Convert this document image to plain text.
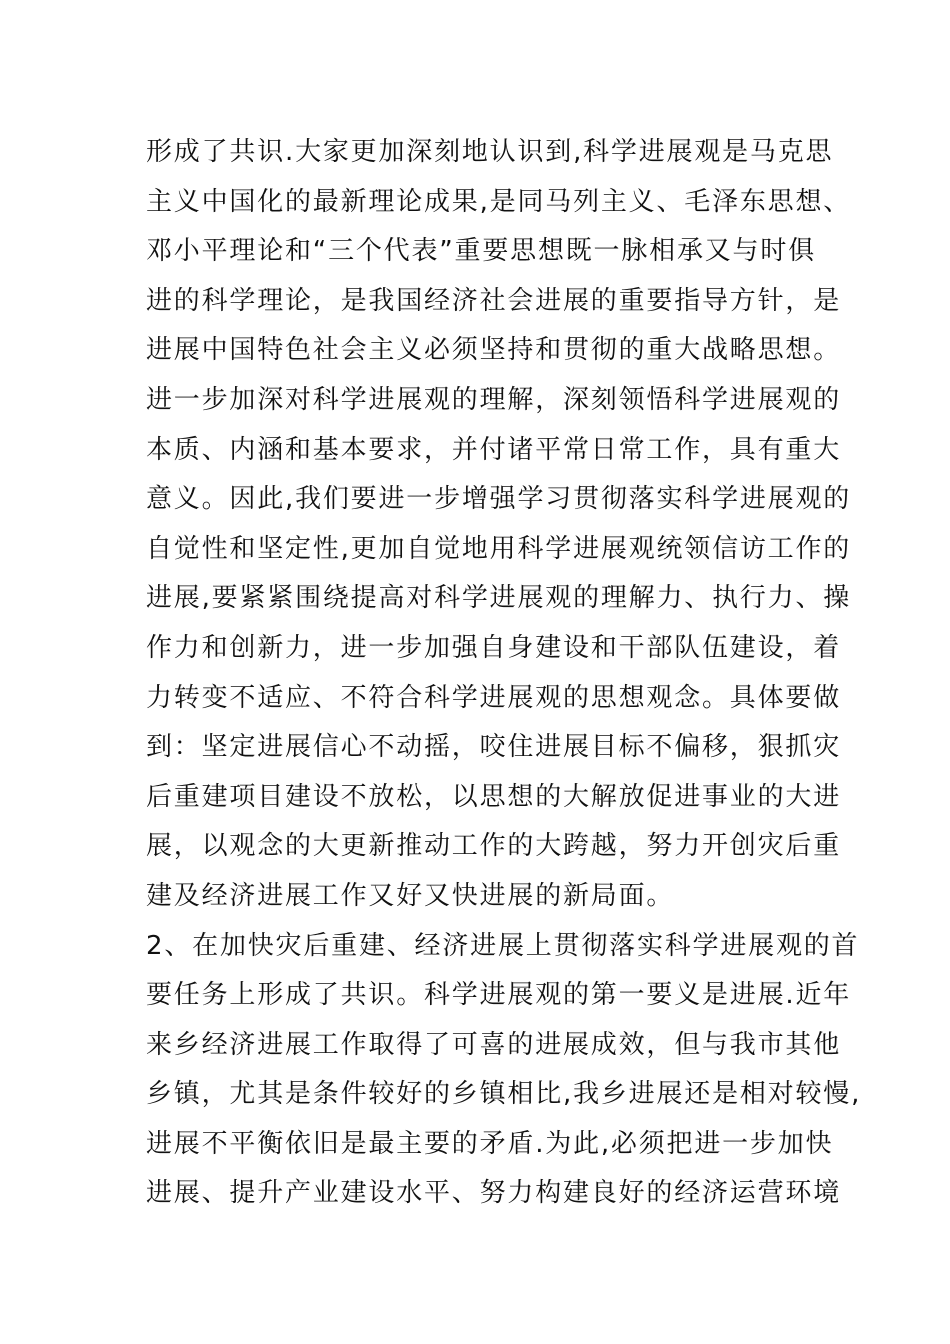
形成了共识.大家更加深刻地认识到,科学进展观是马克思
主义中国化的最新理论成果,是同马列主义、毛泽东思想、
邓小平理论和“三个代表”重要思想既一脉相承又与时俱
进的科学理论，是我国经济社会进展的重要指导方针，是
进展中国特色社会主义必须坚持和贯彻的重大战略思想。
进一步加深对科学进展观的理解，深刻领悟科学进展观的
本质、内涵和基本要求，并付诸平常日常工作，具有重大
意义。因此,我们要进一步增强学习贯彻落实科学进展观的
自觉性和坚定性,更加自觉地用科学进展观统领信访工作的
进展,要紧紧围绕提高对科学进展观的理解力、执行力、操
作力和创新力，进一步加强自身建设和干部队伍建设，着
力转变不适应、不符合科学进展观的思想观念。具体要做
到：坚定进展信心不动摇，咬住进展目标不偏移，狠抓灾
后重建项目建设不放松，以思想的大解放促进事业的大进
展，以观念的大更新推动工作的大跨越，努力开创灾后重
建及经济进展工作又好又快进展的新局面。
2、在加快灾后重建、经济进展上贯彻落实科学进展观的首
要任务上形成了共识。科学进展观的第一要义是进展.近年
来乡经济进展工作取得了可喜的进展成效，但与我市其他
乡镇，尤其是条件较好的乡镇相比,我乡进展还是相对较慢,
进展不平衡依旧是最主要的矛盾.为此,必须把进一步加快
进展、提升产业建设水平、努力构建良好的经济运营环境
